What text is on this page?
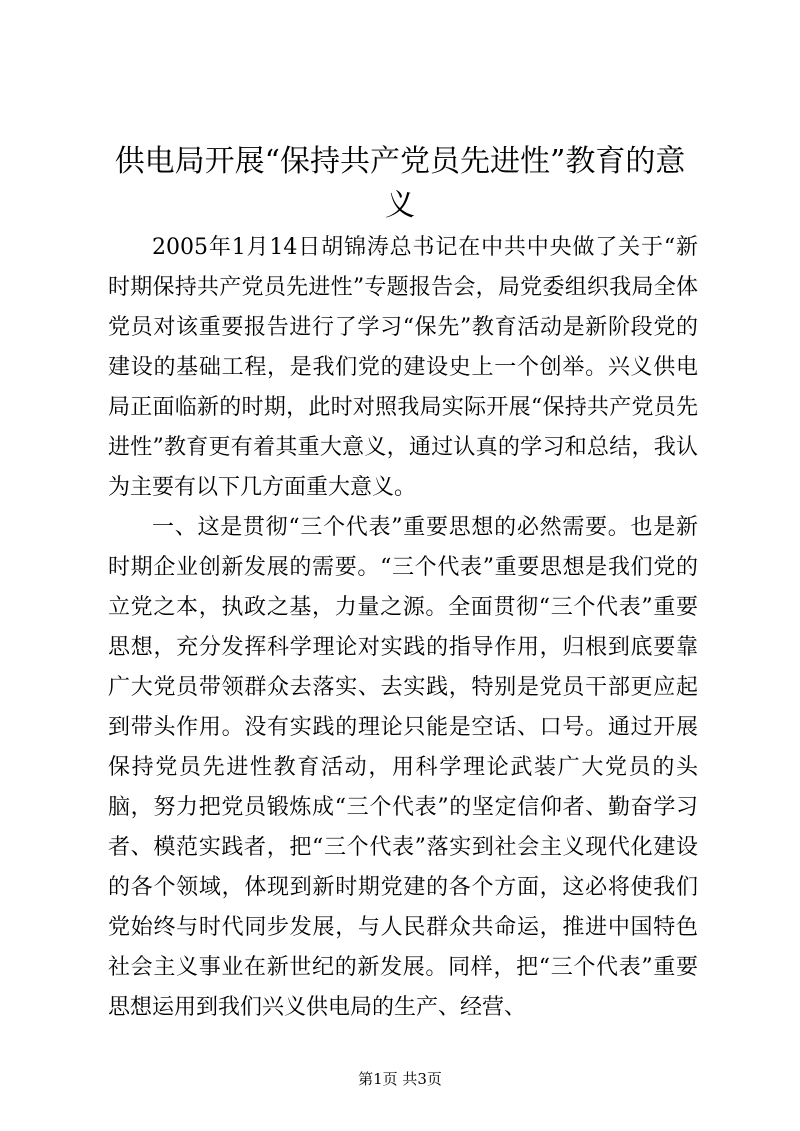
供电局开展“保持共产党员先进性”教育的意义

2005年1月14日胡锦涛总书记在中共中央做了关于“新时期保持共产党员先进性”专题报告会，局党委组织我局全体党员对该重要报告进行了学习“保先”教育活动是新阶段党的建设的基础工程，是我们党的建设史上一个创举。兴义供电局正面临新的时期，此时对照我局实际开展“保持共产党员先进性”教育更有着其重大意义，通过认真的学习和总结，我认为主要有以下几方面重大意义。

一、这是贯彻“三个代表”重要思想的必然需要。也是新时期企业创新发展的需要。“三个代表”重要思想是我们党的立党之本，执政之基，力量之源。全面贯彻“三个代表”重要思想，充分发挥科学理论对实践的指导作用，归根到底要靠广大党员带领群众去落实、去实践，特别是党员干部更应起到带头作用。没有实践的理论只能是空话、口号。通过开展保持党员先进性教育活动，用科学理论武装广大党员的头脑，努力把党员锻炼成“三个代表”的坚定信仰者、勤奋学习者、模范实践者，把“三个代表”落实到社会主义现代化建设的各个领域，体现到新时期党建的各个方面，这必将使我们党始终与时代同步发展，与人民群众共命运，推进中国特色社会主义事业在新世纪的新发展。同样，把“三个代表”重要思想运用到我们兴义供电局的生产、经营、

第1页 共3页
